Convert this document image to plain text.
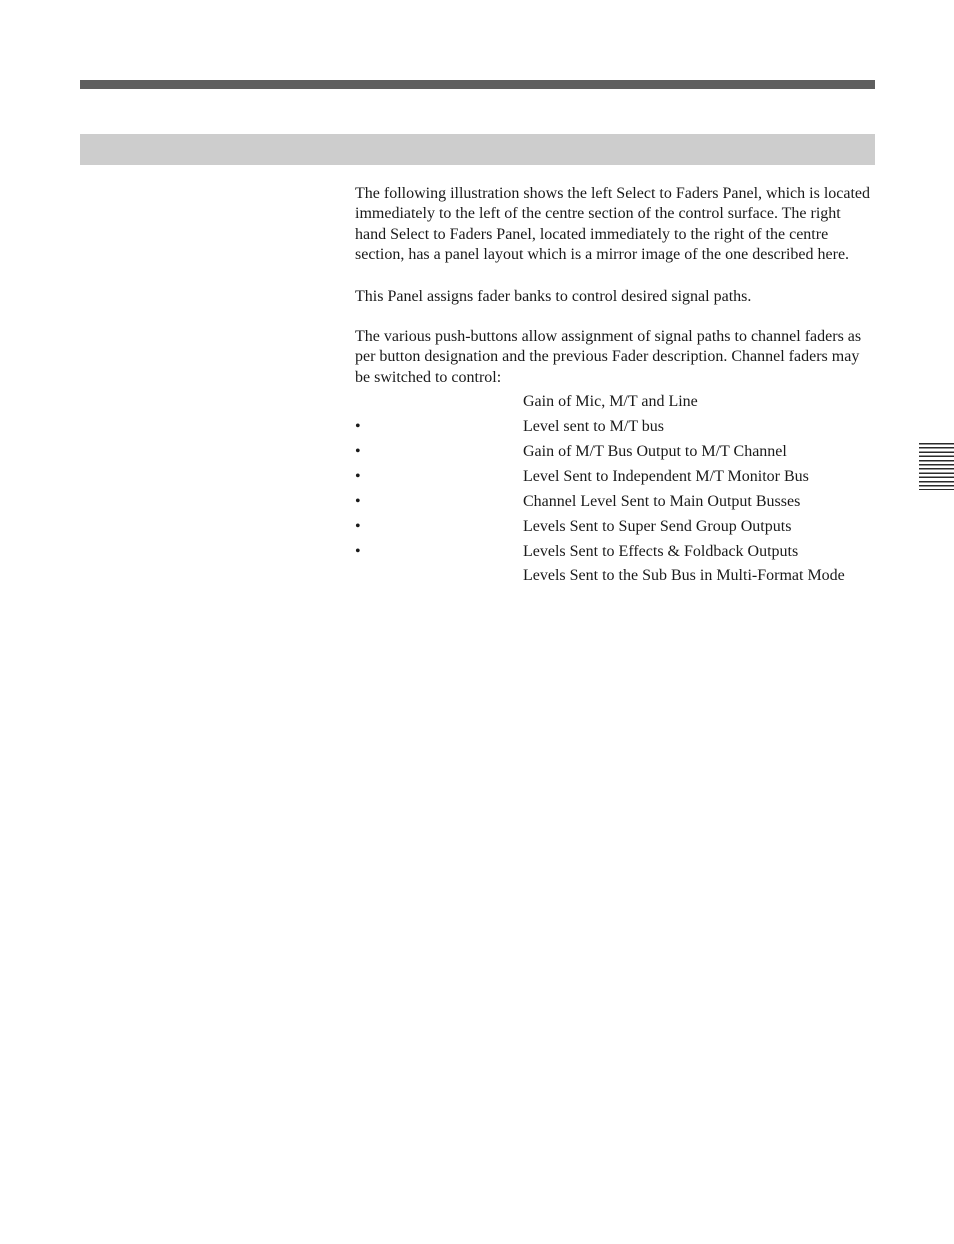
The following illustration shows the left Select to Faders Panel, which is located immediately to the left of the centre section of the control surface. The right hand Select to Faders Panel, located immediately to the right of the centre section, has a panel layout which is a mirror image of the one described here.

This Panel assigns fader banks to control desired signal paths.

The various push-buttons allow assignment of signal paths to channel faders as per button designation and the previous Fader description. Channel faders may be switched to control:

Gain of Mic, M/T and Line
•	Level sent to M/T bus
•	Gain of M/T Bus Output to M/T Channel
•	Level Sent to Independent M/T Monitor Bus
•	Channel Level Sent to Main Output Busses
•	Levels Sent to Super Send Group Outputs
•	Levels Sent to Effects & Foldback Outputs
Levels Sent to the Sub Bus in Multi-Format Mode
